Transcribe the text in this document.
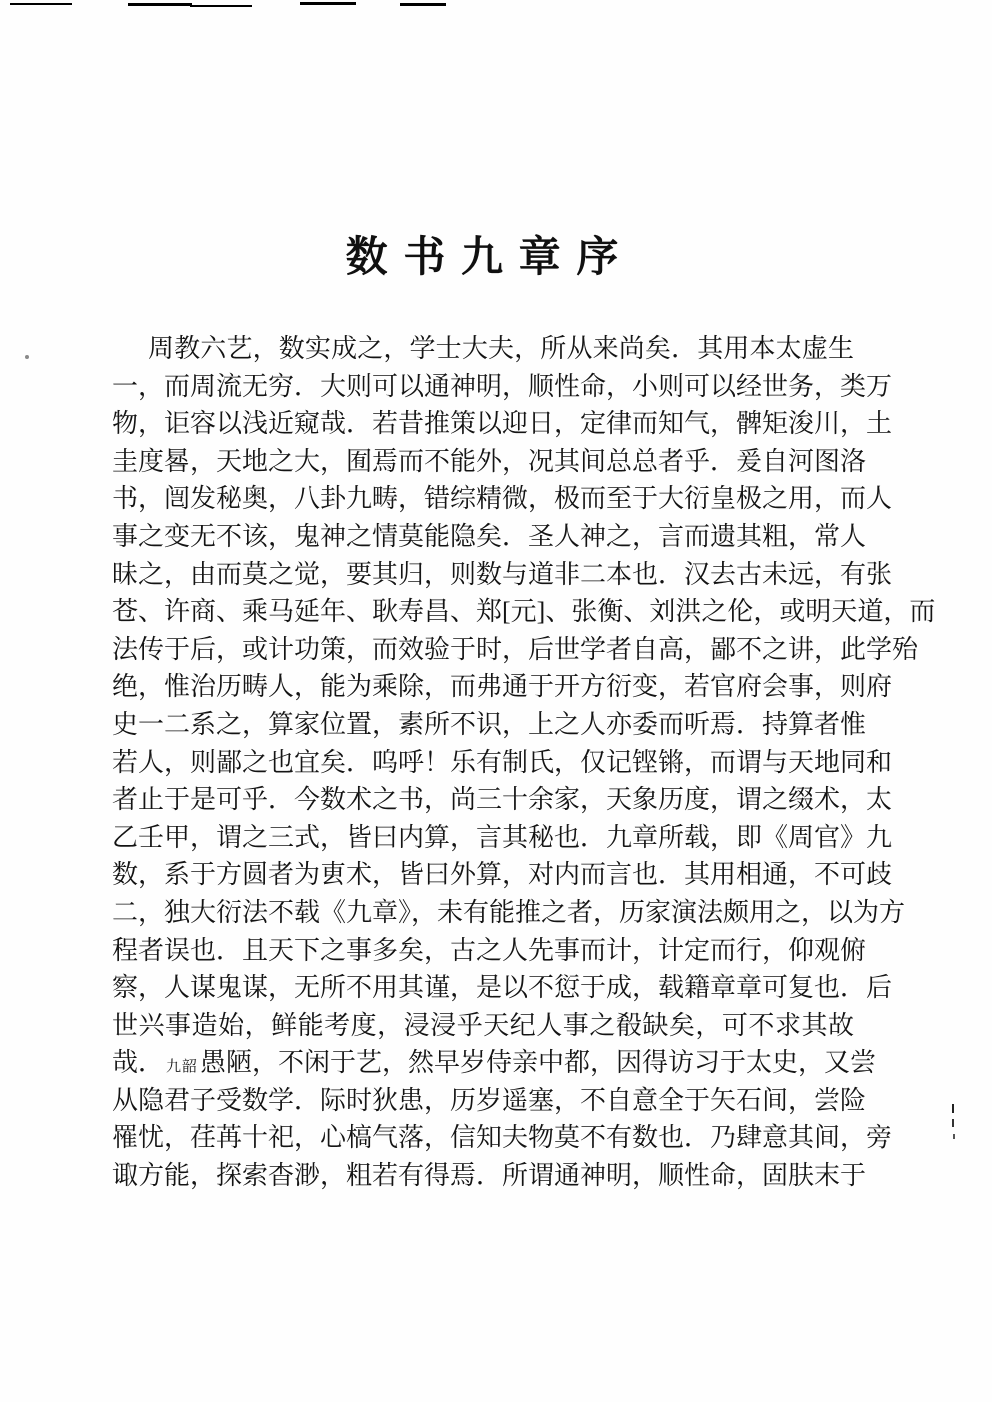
数 书 九 章 序
周教六艺，数实成之，学士大夫，所从来尚矣．其用本太虚生
一，而周流无穷．大则可以通神明，顺性命，小则可以经世务，类万
物，讵容以浅近窥哉．若昔推策以迎日，定律而知气，髀矩浚川，土
圭度晷，天地之大，囿焉而不能外，况其间总总者乎．爰自河图洛
书，闿发秘奥，八卦九畴，错综精微，极而至于大衍皇极之用，而人
事之变无不该，鬼神之情莫能隐矣．圣人神之，言而遗其粗，常人
昧之，由而莫之觉，要其归，则数与道非二本也．汉去古未远，有张
苍、许商、乘马延年、耿寿昌、郑[元]、张衡、刘洪之伦，或明天道，而
法传于后，或计功策，而效验于时，后世学者自高，鄙不之讲，此学殆
绝，惟治历畴人，能为乘除，而弗通于开方衍变，若官府会事，则府
史一二系之，算家位置，素所不识，上之人亦委而听焉．持算者惟
若人，则鄙之也宜矣．呜呼！乐有制氏，仅记铿锵，而谓与天地同和
者止于是可乎．今数术之书，尚三十余家，天象历度，谓之缀术，太
乙壬甲，谓之三式，皆曰内算，言其秘也．九章所载，即《周官》九
数，系于方圆者为叀术，皆曰外算，对内而言也．其用相通，不可歧
二，独大衍法不载《九章》，未有能推之者，历家演法颇用之，以为方
程者误也．且天下之事多矣，古之人先事而计，计定而行，仰观俯
察，人谋鬼谋，无所不用其谨，是以不愆于成，载籍章章可复也．后
世兴事造始，鲜能考度，浸浸乎天纪人事之殽缺矣，可不求其故
哉． 九韶愚陋，不闲于艺，然早岁侍亲中都，因得访习于太史，又尝
从隐君子受数学．际时狄患，历岁遥塞，不自意全于矢石间，尝险
罹忧，荏苒十祀，心槁气落，信知夫物莫不有数也．乃肆意其间，旁
诹方能，探索杳渺，粗若有得焉．所谓通神明，顺性命，固肤末于
